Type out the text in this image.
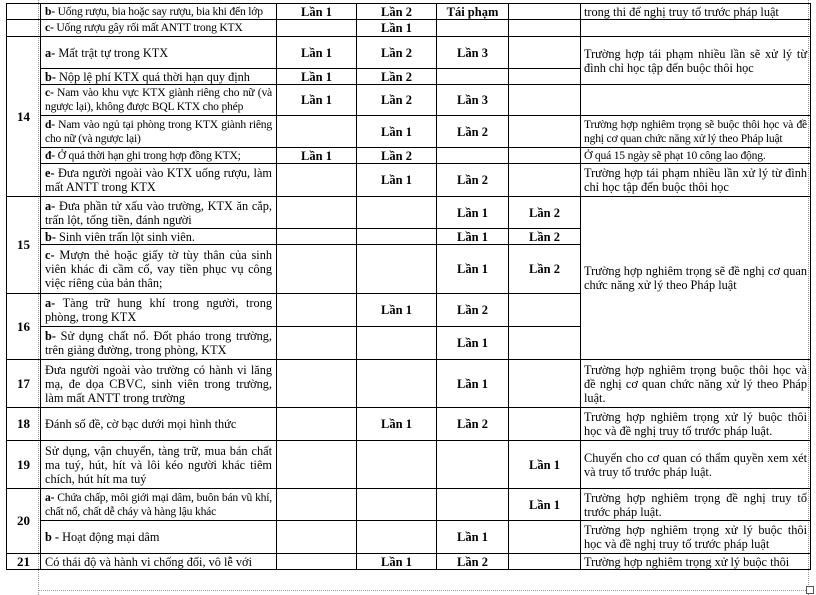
	b- Uống rượu, bia hoặc say rượu, bia khi đến lớp	Lần 1	Lần 2	Tái phạm		trong thi để nghị truy tố trước pháp luật
	c- Uống rượu gây rối mất ANTT trong KTX		Lần 1			
14	a- Mất trật tự trong KTX	Lần 1	Lần 2	Lần 3		Trường hợp tái phạm nhiều lần sẽ xử lý từ đình chỉ học tập đến buộc thôi học
	b- Nộp lệ phí KTX quá thời hạn quy định	Lần 1	Lần 2			
	c- Nam vào khu vực KTX giành riêng cho nữ (và ngược lại), không được BQL KTX cho phép	Lần 1	Lần 2	Lần 3		
	d- Nam vào ngủ tại phòng trong KTX giành riêng cho nữ (và ngược lại)		Lần 1	Lần 2		Trường hợp nghiêm trọng sẽ buộc thôi học và đề nghị cơ quan chức năng xử lý theo Pháp luật
	đ- Ở quá thời hạn ghi trong hợp đồng KTX;	Lần 1	Lần 2			Ở quá 15 ngày sẽ phạt 10 công lao động.
	e- Đưa người ngoài vào KTX uống rượu, làm mất ANTT trong KTX		Lần 1	Lần 2		Trường hợp tái phạm nhiều lần xử lý từ đình chỉ học tập đến buộc thôi học
15	a- Đưa phần tử xấu vào trường, KTX ăn cắp, trấn lột, tống tiền, đánh người			Lần 1	Lần 2	Trường hợp nghiêm trọng sẽ đề nghị cơ quan chức năng xử lý theo Pháp luật
	b- Sinh viên trấn lột sinh viên.			Lần 1	Lần 2	
	c- Mượn thẻ hoặc giấy tờ tùy thân của sinh viên khác đi cầm cố, vay tiền phục vụ công việc riêng của bản thân;			Lần 1	Lần 2	
16	a- Tàng trữ hung khí trong người, trong phòng, trong KTX		Lần 1	Lần 2		
	b- Sử dụng chất nổ. Đốt pháo trong trường, trên giảng đường, trong phòng, KTX			Lần 1		
17	Đưa người ngoài vào trường có hành vi lăng mạ, đe dọa CBVC, sinh viên trong trường, làm mất ANTT trong trường			Lần 1		Trường hợp nghiêm trọng buộc thôi học và đề nghị cơ quan chức năng xử lý theo Pháp luật.
18	Đánh số đề, cờ bạc dưới mọi hình thức		Lần 1	Lần 2		Trường hợp nghiêm trọng xử lý buộc thôi học và đề nghị truy tố trước pháp luật.
19	Sử dụng, vận chuyển, tàng trữ, mua bán chất ma tuý, hút, hít và lôi kéo người khác tiêm chích, hút hít ma tuý				Lần 1	Chuyển cho cơ quan có thẩm quyền xem xét và truy tố trước pháp luật.
20	a- Chứa chấp, môi giới mại dâm, buôn bán vũ khí, chất nổ, chất dễ cháy và hàng lậu khác				Lần 1	Trường hợp nghiêm trọng đề nghị truy tố trước pháp luật.
	b - Hoạt động mại dâm			Lần 1		Trường hợp nghiêm trọng xử lý buộc thôi học và đề nghị truy tố trước pháp luật
21	Có thái độ và hành vi chống đối, vô lễ với		Lần 1	Lần 2		Trường hợp nghiêm trọng xử lý buộc thôi
